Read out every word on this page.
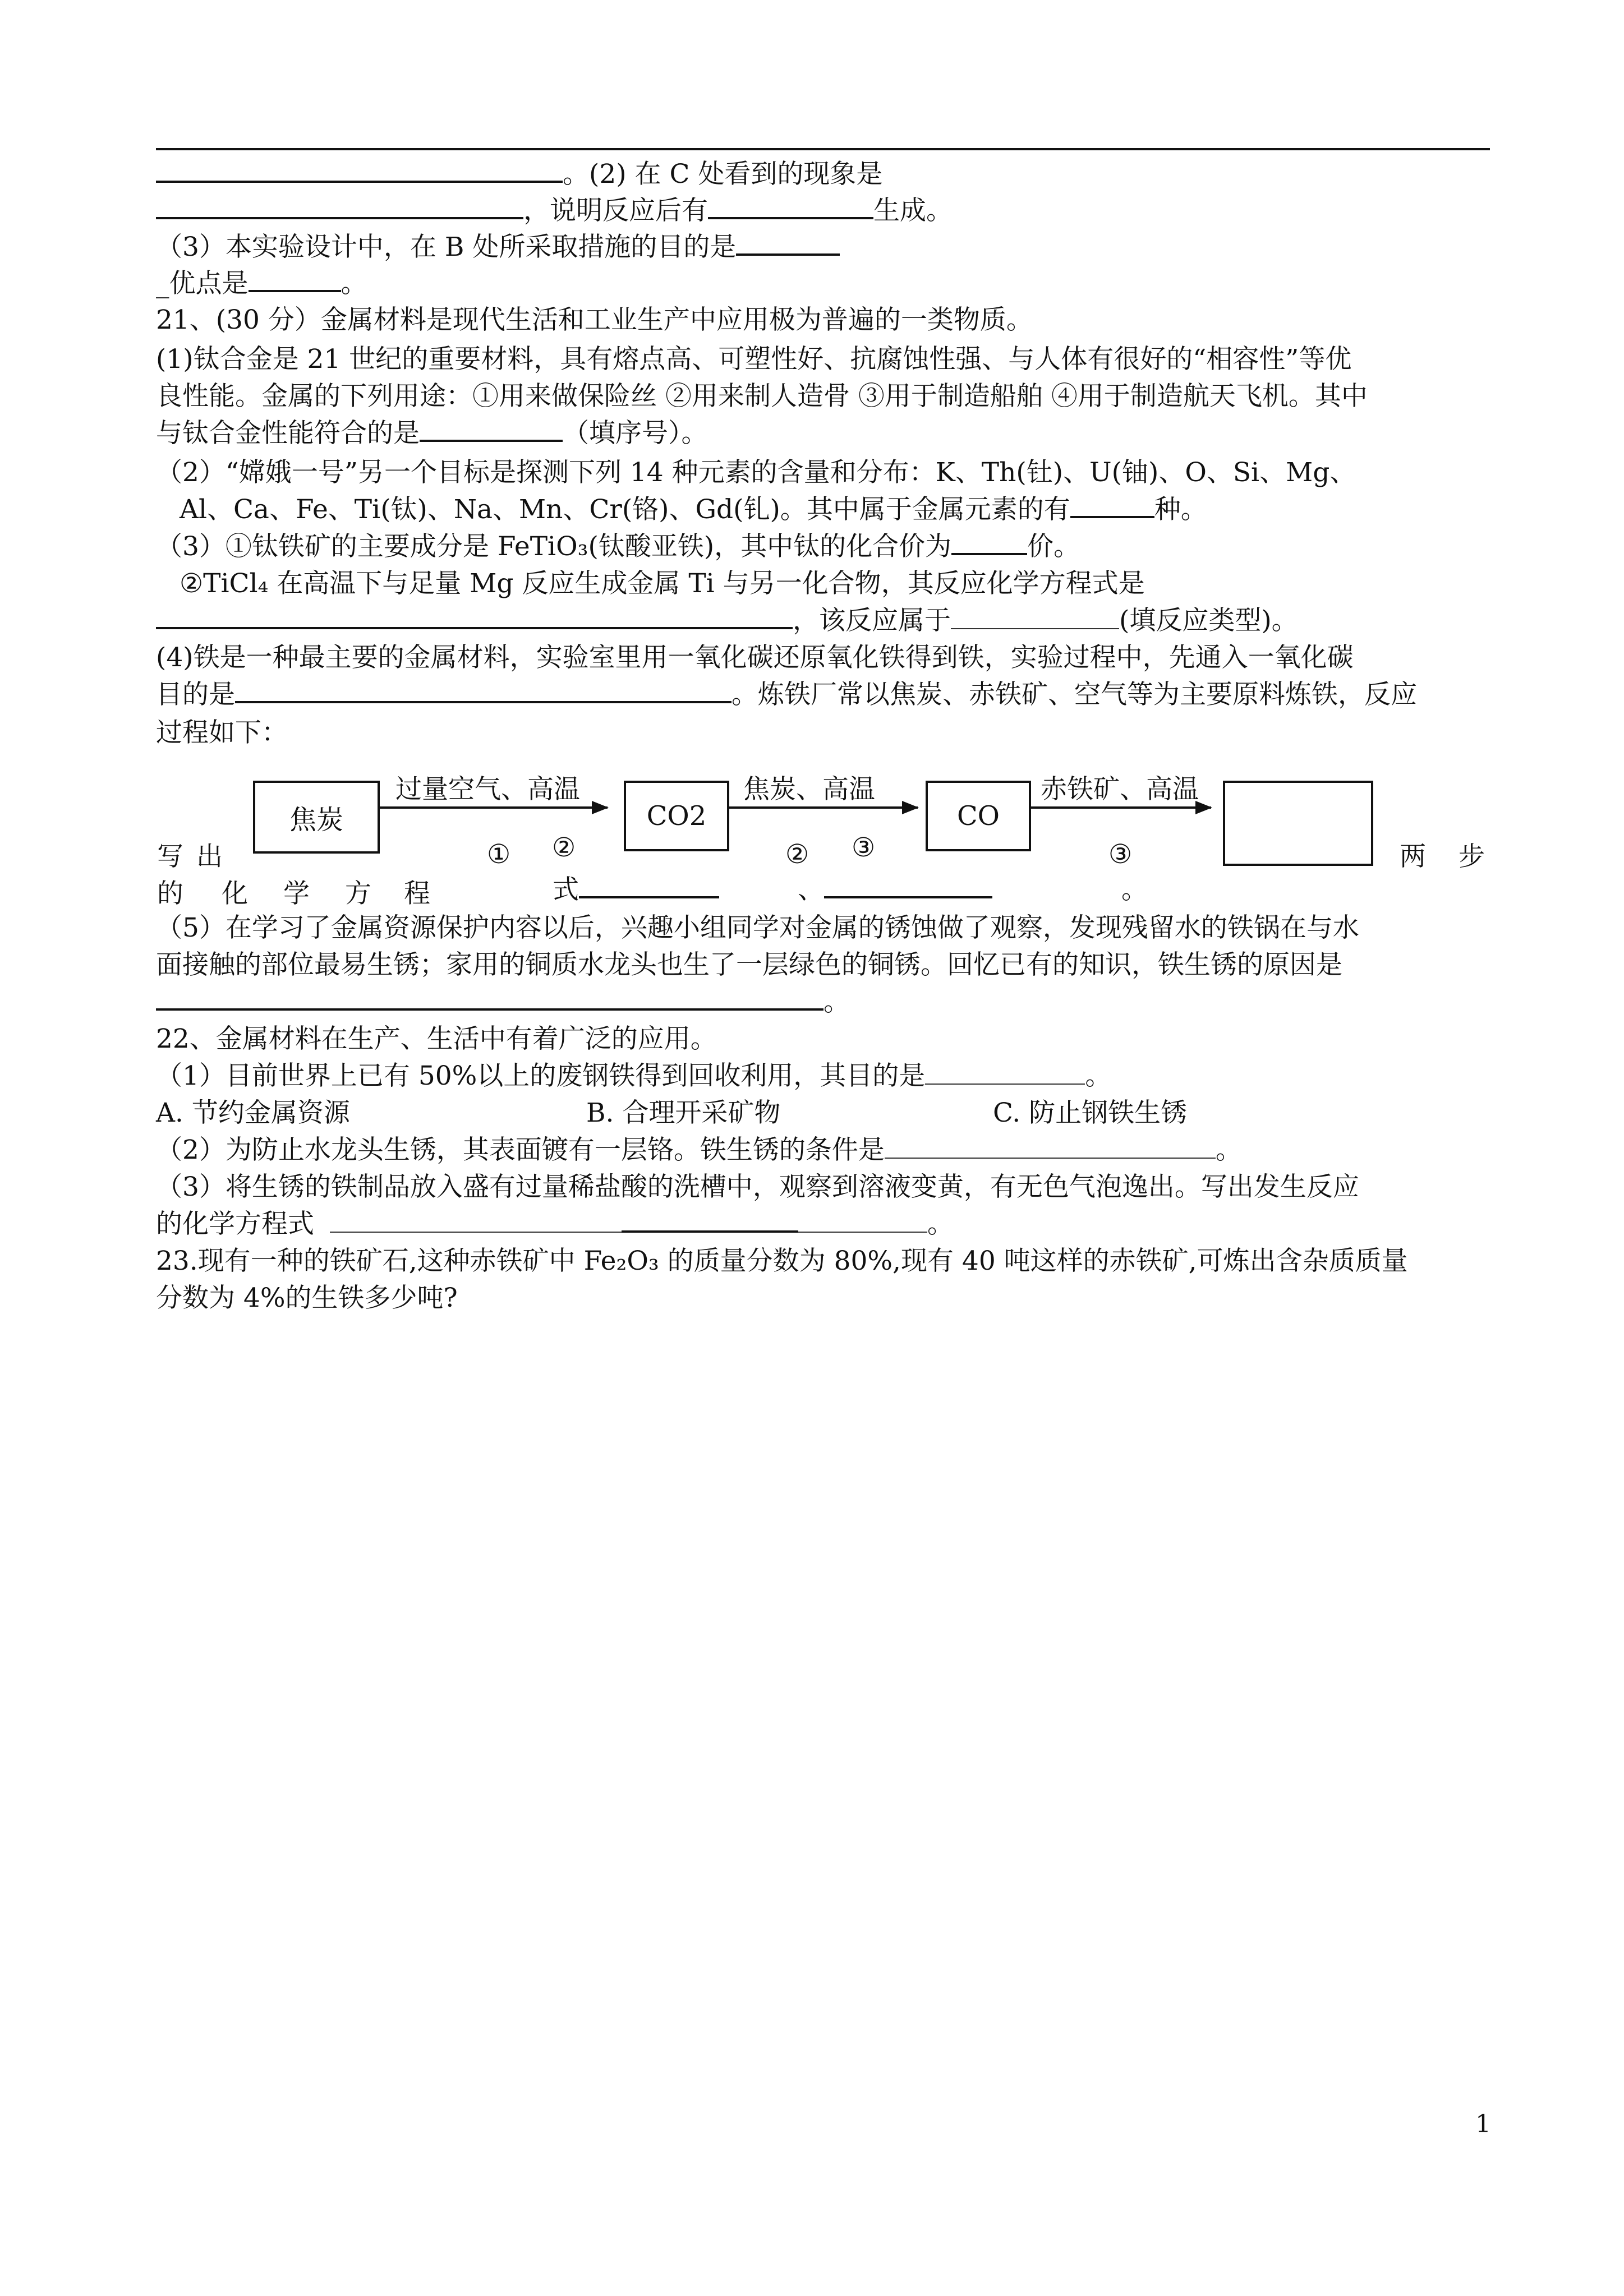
。(2) 在 C 处看到的现象是
，说明反应后有	生成。
（3）本实验设计中，在 B 处所采取措施的目的是
_优点是	。
21、(30 分）金属材料是现代生活和工业生产中应用极为普遍的一类物质。
(1)钛合金是 21 世纪的重要材料，具有熔点高、可塑性好、抗腐蚀性强、与人体有很好的“相容性”等优
良性能。金属的下列用途：①用来做保险丝 ②用来制人造骨 ③用于制造船舶 ④用于制造航天飞机。其中
与钛合金性能符合的是	（填序号）。
（2）“嫦娥一号”另一个目标是探测下列 14 种元素的含量和分布：K、Th(钍)、U(铀)、O、Si、Mg、
Al、Ca、Fe、Ti(钛)、Na、Mn、Cr(铬)、Gd(钆)。其中属于金属元素的有	种。
（3）①钛铁矿的主要成分是 FeTiO₃(钛酸亚铁)，其中钛的化合价为	价。
②TiCl₄ 在高温下与足量 Mg 反应生成金属 Ti 与另一化合物，其反应化学方程式是
，该反应属于	(填反应类型)。
(4)铁是一种最主要的金属材料，实验室里用一氧化碳还原氧化铁得到铁，实验过程中，先通入一氧化碳
目的是	。炼铁厂常以焦炭、赤铁矿、空气等为主要原料炼铁，反应
过程如下：
焦炭
过量空气、高温
CO2
焦炭、高温
CO
赤铁矿、高温
① ②	② ③	③
写 出	两 步
的 化 学 方 程	式	、	。
（5）在学习了金属资源保护内容以后，兴趣小组同学对金属的锈蚀做了观察，发现残留水的铁锅在与水
面接触的部位最易生锈；家用的铜质水龙头也生了一层绿色的铜锈。回忆已有的知识，铁生锈的原因是
。
22、金属材料在生产、生活中有着广泛的应用。
（1）目前世界上已有 50%以上的废钢铁得到回收利用，其目的是	。
A. 节约金属资源	B. 合理开采矿物	C. 防止钢铁生锈
（2）为防止水龙头生锈，其表面镀有一层铬。铁生锈的条件是	。
（3）将生锈的铁制品放入盛有过量稀盐酸的洗槽中，观察到溶液变黄，有无色气泡逸出。写出发生反应
的化学方程式	。
23.现有一种的铁矿石,这种赤铁矿中 Fe₂O₃ 的质量分数为 80%,现有 40 吨这样的赤铁矿,可炼出含杂质质量
分数为 4%的生铁多少吨?
1
